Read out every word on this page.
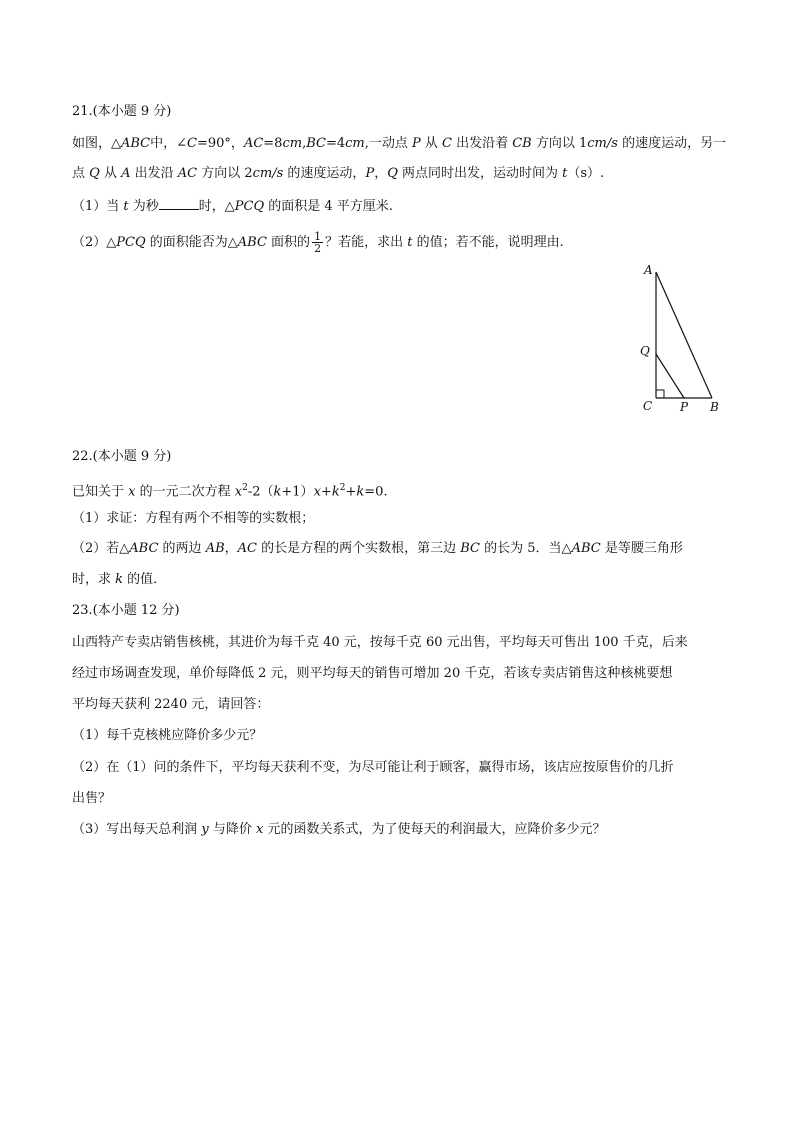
21.(本小题 9 分)
如图，△ABC中，∠C=90°，AC=8cm,BC=4cm,一动点 P 从 C 出发沿着 CB 方向以 1cm/s 的速度运动，另一
点 Q 从 A 出发沿 AC 方向以 2cm/s 的速度运动，P，Q 两点同时出发，运动时间为 t（s）.
（1）当 t 为秒	时，△PCQ 的面积是 4 平方厘米.
（2）△PCQ 的面积能否为△ABC 面积的 $\frac{1}{2}$ ？若能，求出 t 的值；若不能，说明理由.
A
Q
C P B
22.(本小题 9 分)
已知关于 x 的一元二次方程 $x^2-2(k+1)x+k^2+k=0$.
（1）求证：方程有两个不相等的实数根；
（2）若△ABC 的两边 AB，AC 的长是方程的两个实数根，第三边 BC 的长为 5．当△ABC 是等腰三角形
时，求 k 的值．
23.(本小题 12 分)
山西特产专卖店销售核桃，其进价为每千克 40 元，按每千克 60 元出售，平均每天可售出 100 千克，后来
经过市场调查发现，单价每降低 2 元，则平均每天的销售可增加 20 千克，若该专卖店销售这种核桃要想
平均每天获利 2240 元，请回答：
（1）每千克核桃应降价多少元？
（2）在（1）问的条件下，平均每天获利不变，为尽可能让利于顾客，赢得市场，该店应按原售价的几折
出售？
（3）写出每天总利润 y 与降价 x 元的函数关系式，为了使每天的利润最大，应降价多少元？
